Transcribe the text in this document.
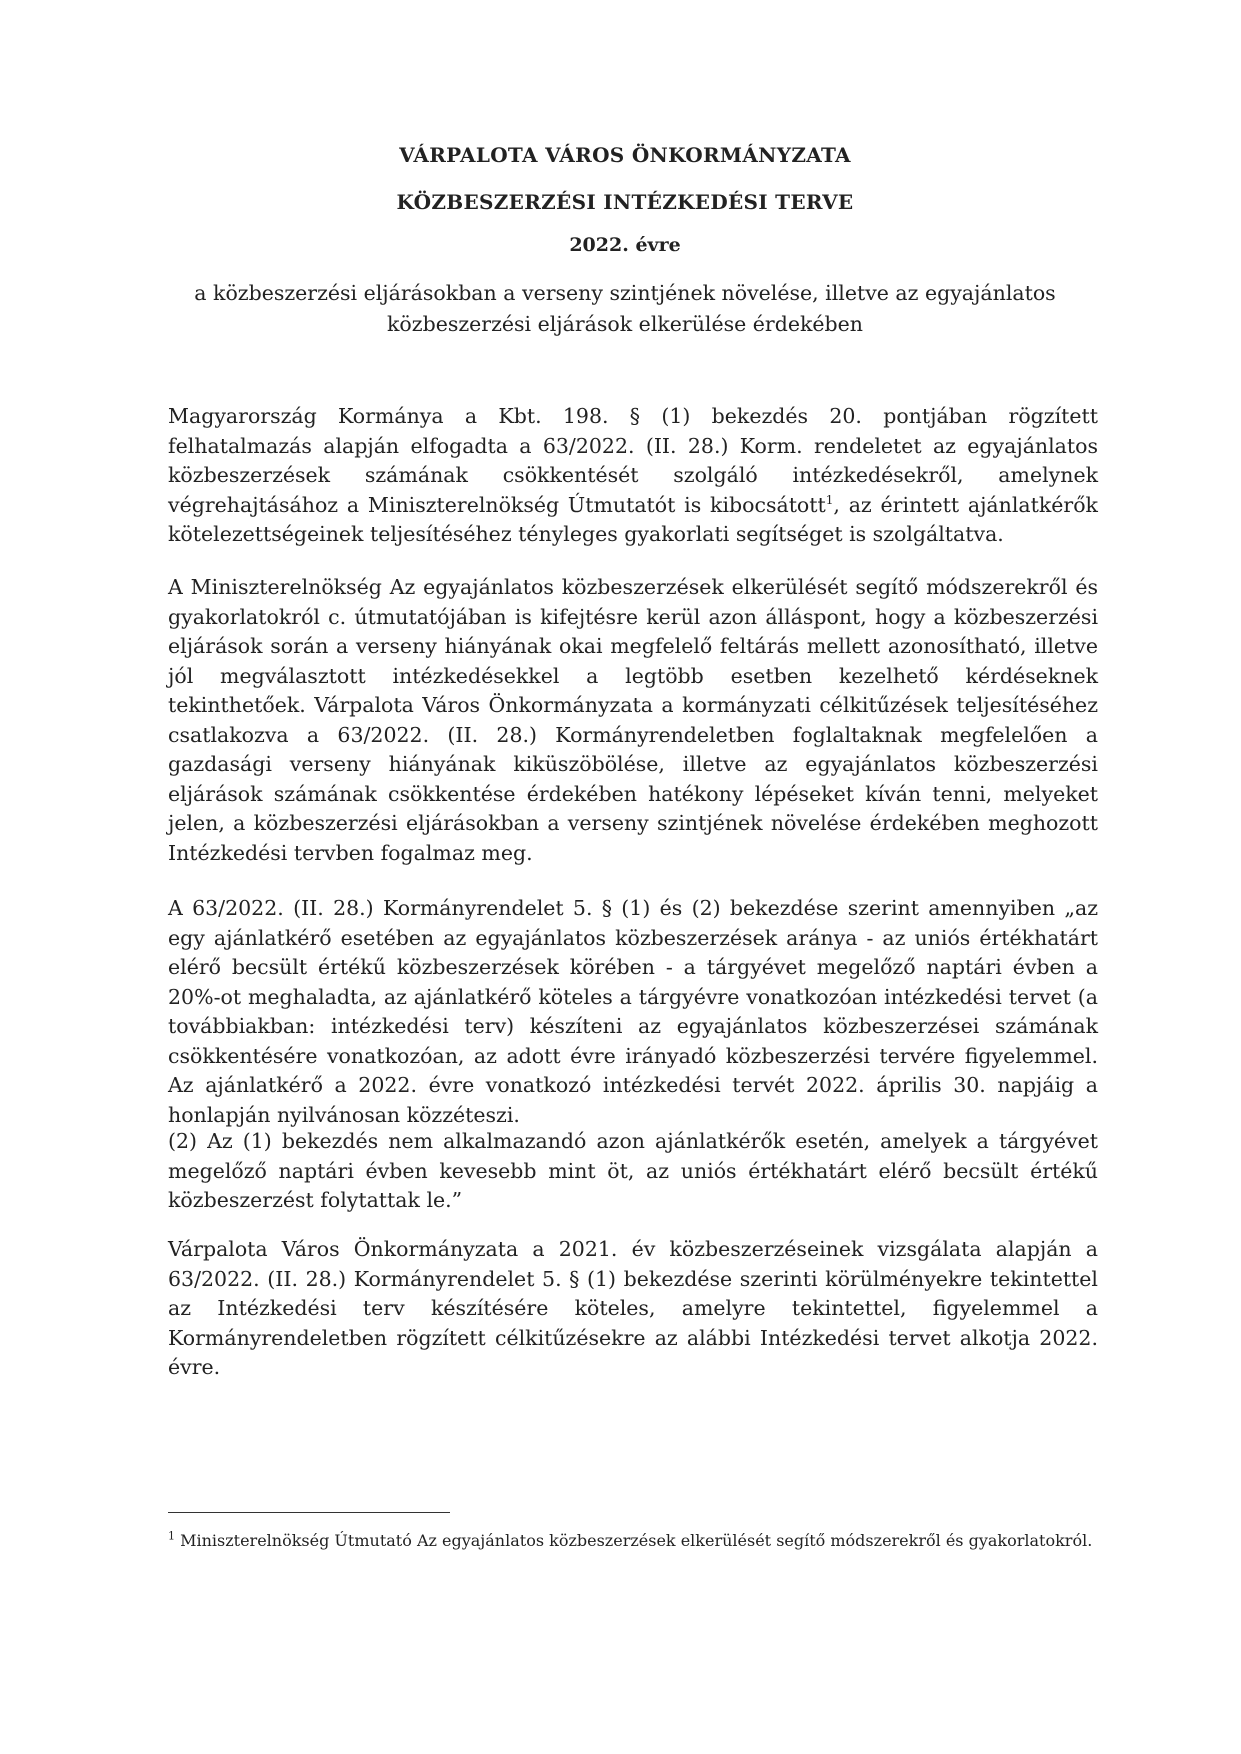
VÁRPALOTA VÁROS ÖNKORMÁNYZATA
KÖZBESZERZÉSI INTÉZKEDÉSI TERVE
2022. évre
a közbeszerzési eljárásokban a verseny szintjének növelése, illetve az egyajánlatos
közbeszerzési eljárások elkerülése érdekében

Magyarország Kormánya a Kbt. 198. § (1) bekezdés 20. pontjában rögzített felhatalmazás alapján elfogadta a 63/2022. (II. 28.) Korm. rendeletet az egyajánlatos közbeszerzések számának csökkentését szolgáló intézkedésekről, amelynek végrehajtásához a Miniszterelnökség Útmutatót is kibocsátott$^1$, az érintett ajánlatkérők kötelezettségeinek teljesítéséhez tényleges gyakorlati segítséget is szolgáltatva.

A Miniszterelnökség Az egyajánlatos közbeszerzések elkerülését segítő módszerekről és gyakorlatokról c. útmutatójában is kifejtésre kerül azon álláspont, hogy a közbeszerzési eljárások során a verseny hiányának okai megfelelő feltárás mellett azonosítható, illetve jól megválasztott intézkedésekkel a legtöbb esetben kezelhető kérdéseknek tekinthetőek. Várpalota Város Önkormányzata a kormányzati célkitűzések teljesítéséhez csatlakozva a 63/2022. (II. 28.) Kormányrendeletben foglaltaknak megfelelően a gazdasági verseny hiányának kiküszöbölése, illetve az egyajánlatos közbeszerzési eljárások számának csökkentése érdekében hatékony lépéseket kíván tenni, melyeket jelen, a közbeszerzési eljárásokban a verseny szintjének növelése érdekében meghozott Intézkedési tervben fogalmaz meg.

A 63/2022. (II. 28.) Kormányrendelet 5. § (1) és (2) bekezdése szerint amennyiben „az egy ajánlatkérő esetében az egyajánlatos közbeszerzések aránya - az uniós értékhatárt elérő becsült értékű közbeszerzések körében - a tárgyévet megelőző naptári évben a 20%-ot meghaladta, az ajánlatkérő köteles a tárgyévre vonatkozóan intézkedési tervet (a továbbiakban: intézkedési terv) készíteni az egyajánlatos közbeszerzései számának csökkentésére vonatkozóan, az adott évre irányadó közbeszerzési tervére figyelemmel. Az ajánlatkérő a 2022. évre vonatkozó intézkedési tervét 2022. április 30. napjáig a honlapján nyilvánosan közzéteszi.

(2) Az (1) bekezdés nem alkalmazandó azon ajánlatkérők esetén, amelyek a tárgyévet megelőző naptári évben kevesebb mint öt, az uniós értékhatárt elérő becsült értékű közbeszerzést folytattak le.”

Várpalota Város Önkormányzata a 2021. év közbeszerzéseinek vizsgálata alapján a 63/2022. (II. 28.) Kormányrendelet 5. § (1) bekezdése szerinti körülményekre tekintettel az Intézkedési terv készítésére köteles, amelyre tekintettel, figyelemmel a Kormányrendeletben rögzített célkitűzésekre az alábbi Intézkedési tervet alkotja 2022. évre.

$^1$ Miniszterelnökség Útmutató Az egyajánlatos közbeszerzések elkerülését segítő módszerekről és gyakorlatokról.
